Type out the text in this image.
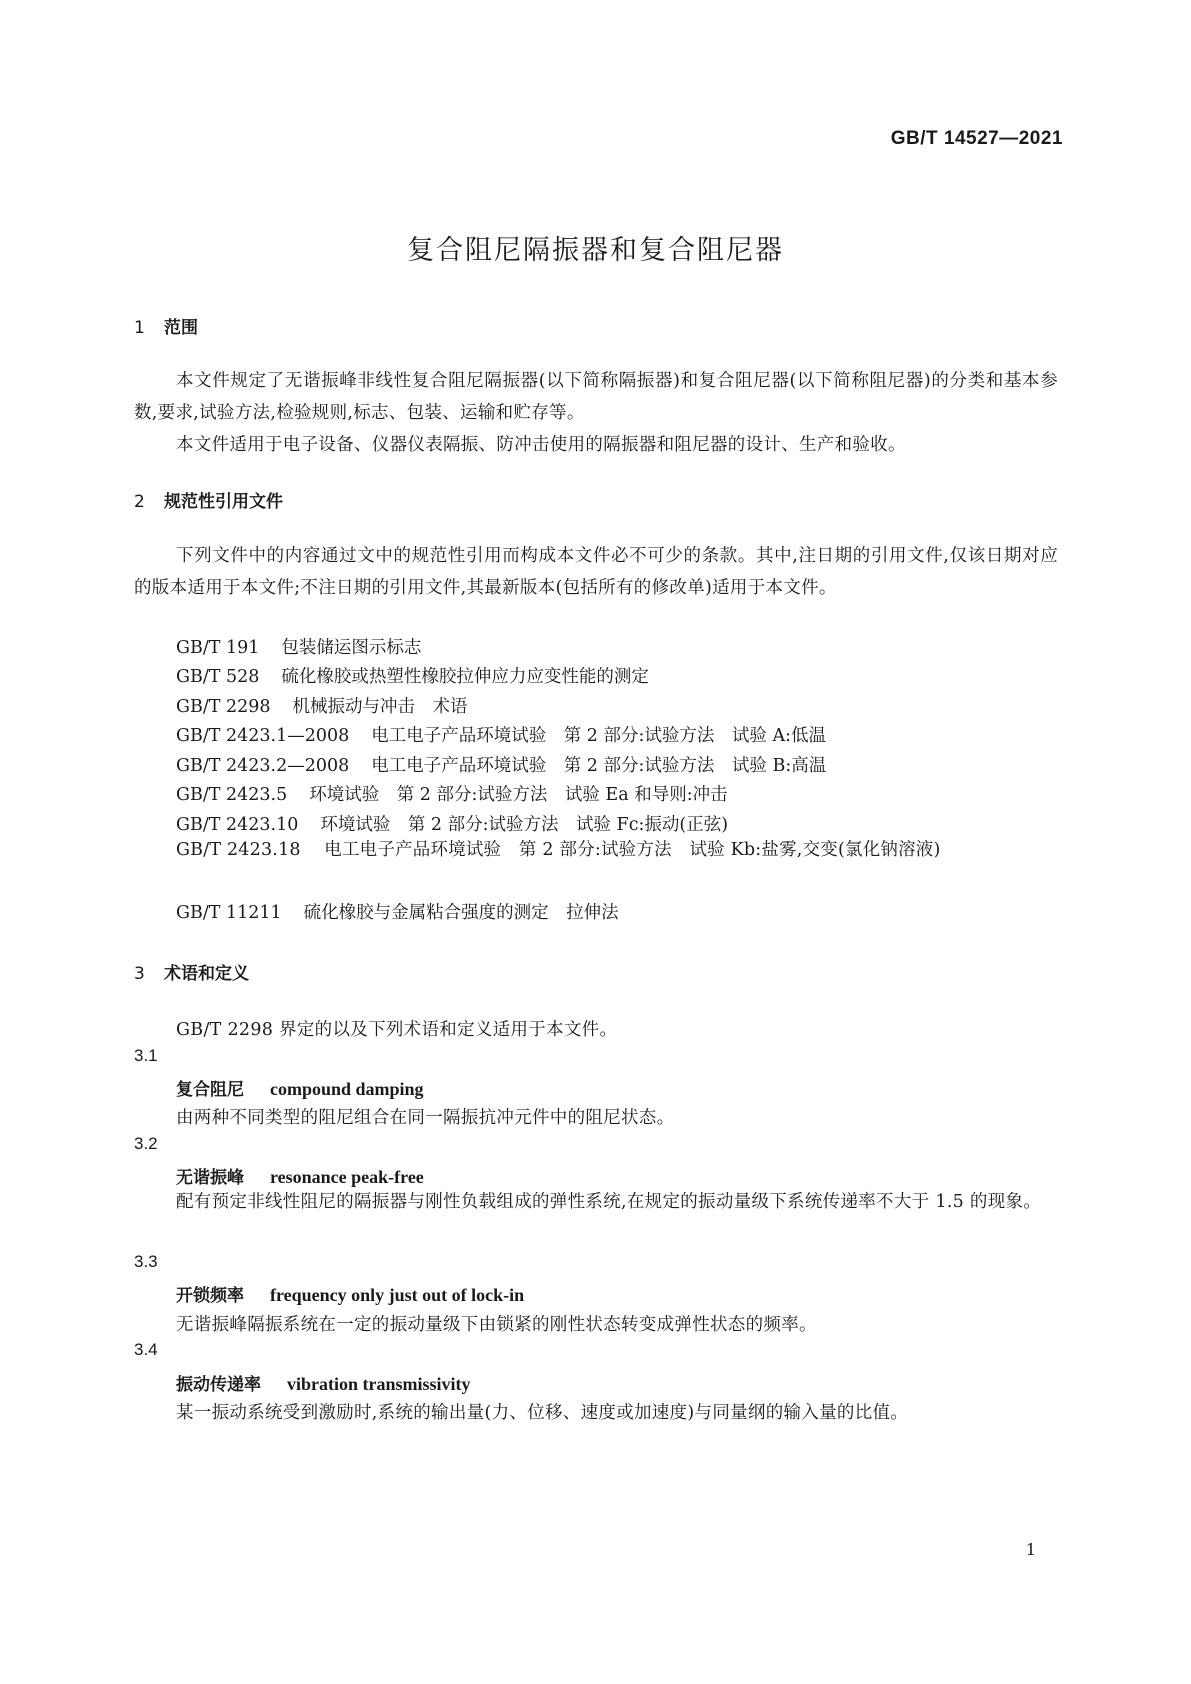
GB/T 14527—2021
复合阻尼隔振器和复合阻尼器
1 范围

本文件规定了无谐振峰非线性复合阻尼隔振器(以下简称隔振器)和复合阻尼器(以下简称阻尼器)的分类和基本参数,要求,试验方法,检验规则,标志、包装、运输和贮存等。

本文件适用于电子设备、仪器仪表隔振、防冲击使用的隔振器和阻尼器的设计、生产和验收。

2 规范性引用文件

下列文件中的内容通过文中的规范性引用而构成本文件必不可少的条款。其中,注日期的引用文件,仅该日期对应的版本适用于本文件;不注日期的引用文件,其最新版本(包括所有的修改单)适用于本文件。

GB/T 191 包装储运图示标志
GB/T 528 硫化橡胶或热塑性橡胶拉伸应力应变性能的测定
GB/T 2298 机械振动与冲击　术语
GB/T 2423.1—2008 电工电子产品环境试验　第 2 部分:试验方法　试验 A:低温
GB/T 2423.2—2008 电工电子产品环境试验　第 2 部分:试验方法　试验 B:高温
GB/T 2423.5 环境试验　第 2 部分:试验方法　试验 Ea 和导则:冲击
GB/T 2423.10 环境试验　第 2 部分:试验方法　试验 Fc:振动(正弦)

GB/T 2423.18　 电工电子产品环境试验　第 2 部分:试验方法　试验 Kb:盐雾,交变(氯化钠溶液)

GB/T 11211 硫化橡胶与金属粘合强度的测定　拉伸法
3 术语和定义
GB/T 2298 界定的以及下列术语和定义适用于本文件。
3.1
复合阻尼 compound damping
由两种不同类型的阻尼组合在同一隔振抗冲元件中的阻尼状态。
3.2
无谐振峰 resonance peak-free

配有预定非线性阻尼的隔振器与刚性负载组成的弹性系统,在规定的振动量级下系统传递率不大于 1.5 的现象。

3.3
开锁频率 frequency only just out of lock-in
无谐振峰隔振系统在一定的振动量级下由锁紧的刚性状态转变成弹性状态的频率。
3.4
振动传递率 vibration transmissivity
某一振动系统受到激励时,系统的输出量(力、位移、速度或加速度)与同量纲的输入量的比值。
1
